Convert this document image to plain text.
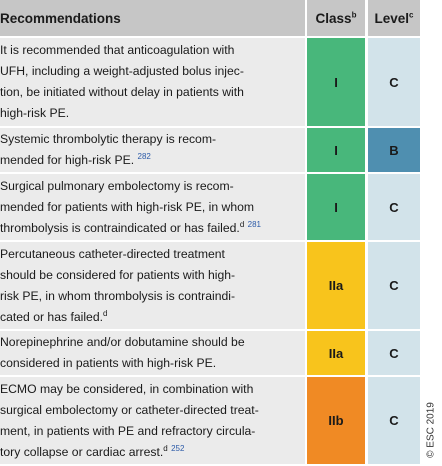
Recommendations	Class$^b$	Level$^c$
It is recommended that anticoagulation with
UFH, including a weight-adjusted bolus injec-
tion, be initiated without delay in patients with
high-risk PE.	I	C
Systemic thrombolytic therapy is recom-
mended for high-risk PE. $^{282}$	I	B
Surgical pulmonary embolectomy is recom-
mended for patients with high-risk PE, in whom
thrombolysis is contraindicated or has failed.$^d$ $^{281}$	I	C
Percutaneous catheter-directed treatment
should be considered for patients with high-
risk PE, in whom thrombolysis is contraindi-
cated or has failed.$^d$	IIa	C
Norepinephrine and/or dobutamine should be
considered in patients with high-risk PE.	IIa	C
ECMO may be considered, in combination with
surgical embolectomy or catheter-directed treat-
ment, in patients with PE and refractory circula-
tory collapse or cardiac arrest.$^d$ $^{252}$	IIb	C	© ESC 2019
